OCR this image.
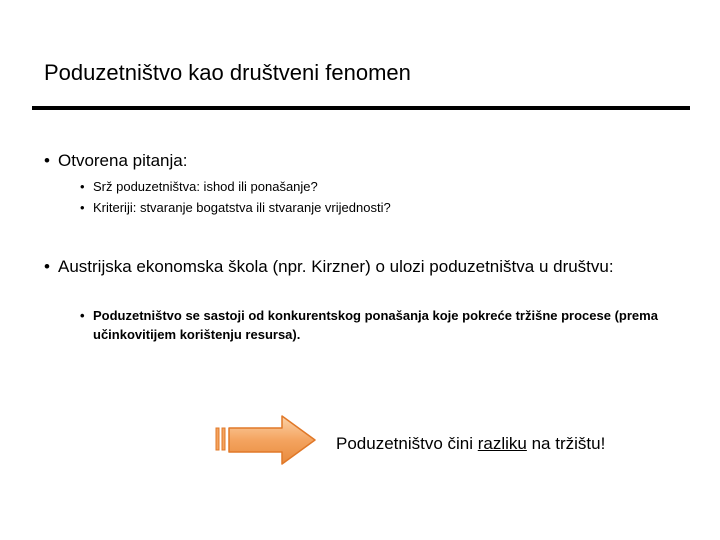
Poduzetništvo kao društveni fenomen
• Otvorena pitanja:
• Srž poduzetništva: ishod ili ponašanje?
• Kriteriji: stvaranje bogatstva ili stvaranje vrijednosti?
• Austrijska ekonomska škola (npr. Kirzner) o ulozi poduzetništva u društvu:
• Poduzetništvo se sastoji od konkurentskog ponašanja koje pokreće tržišne procese (prema učinkovitijem korištenju resursa).
Poduzetništvo čini razliku na tržištu!
